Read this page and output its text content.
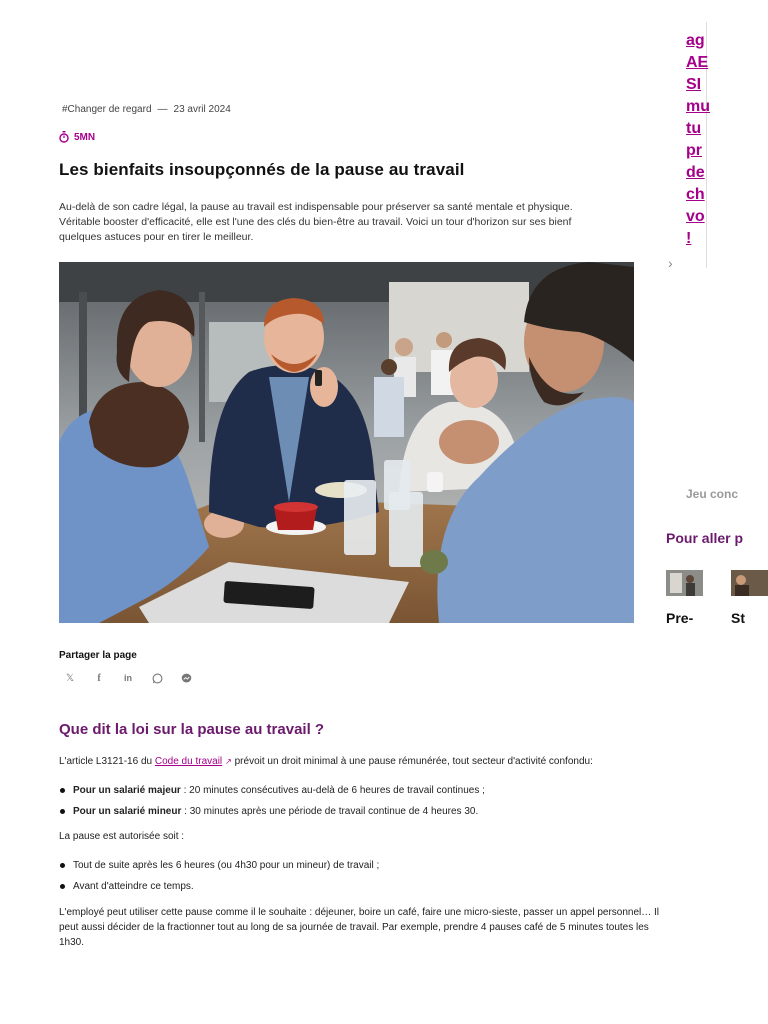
#Changer de regard — 23 avril 2024
5MN
Les bienfaits insoupçonnés de la pause au travail

Au-delà de son cadre légal, la pause au travail est indispensable pour préserver sa santé mentale et physique.

Véritable booster d'efficacité, elle est l'une des clés du bien-être au travail. Voici un tour d'horizon sur ses bienf

quelques astuces pour en tirer le meilleur.

Partager la page
𝕏	f	in
Que dit la loi sur la pause au travail ?

L'article L3121-16 du Code du travail ↗ prévoit un droit minimal à une pause rémunérée, tout secteur d'activité confondu:

Pour un salarié majeur : 20 minutes consécutives au-delà de 6 heures de travail continues ;
Pour un salarié mineur : 30 minutes après une période de travail continue de 4 heures 30.

La pause est autorisée soit :

Tout de suite après les 6 heures (ou 4h30 pour un mineur) de travail ;
Avant d'atteindre ce temps.
L'employé peut utiliser cette pause comme il le souhaite : déjeuner, boire un café, faire une micro-sieste, passer un appel personnel… Il
peut aussi décider de la fractionner tout au long de sa journée de travail. Par exemple, prendre 4 pauses café de 5 minutes toutes les
1h30.
ag
AE
SI
mu
tu
pr
de
ch
vo
!
›
Jeu conc
Pour aller p
Pre-	St
